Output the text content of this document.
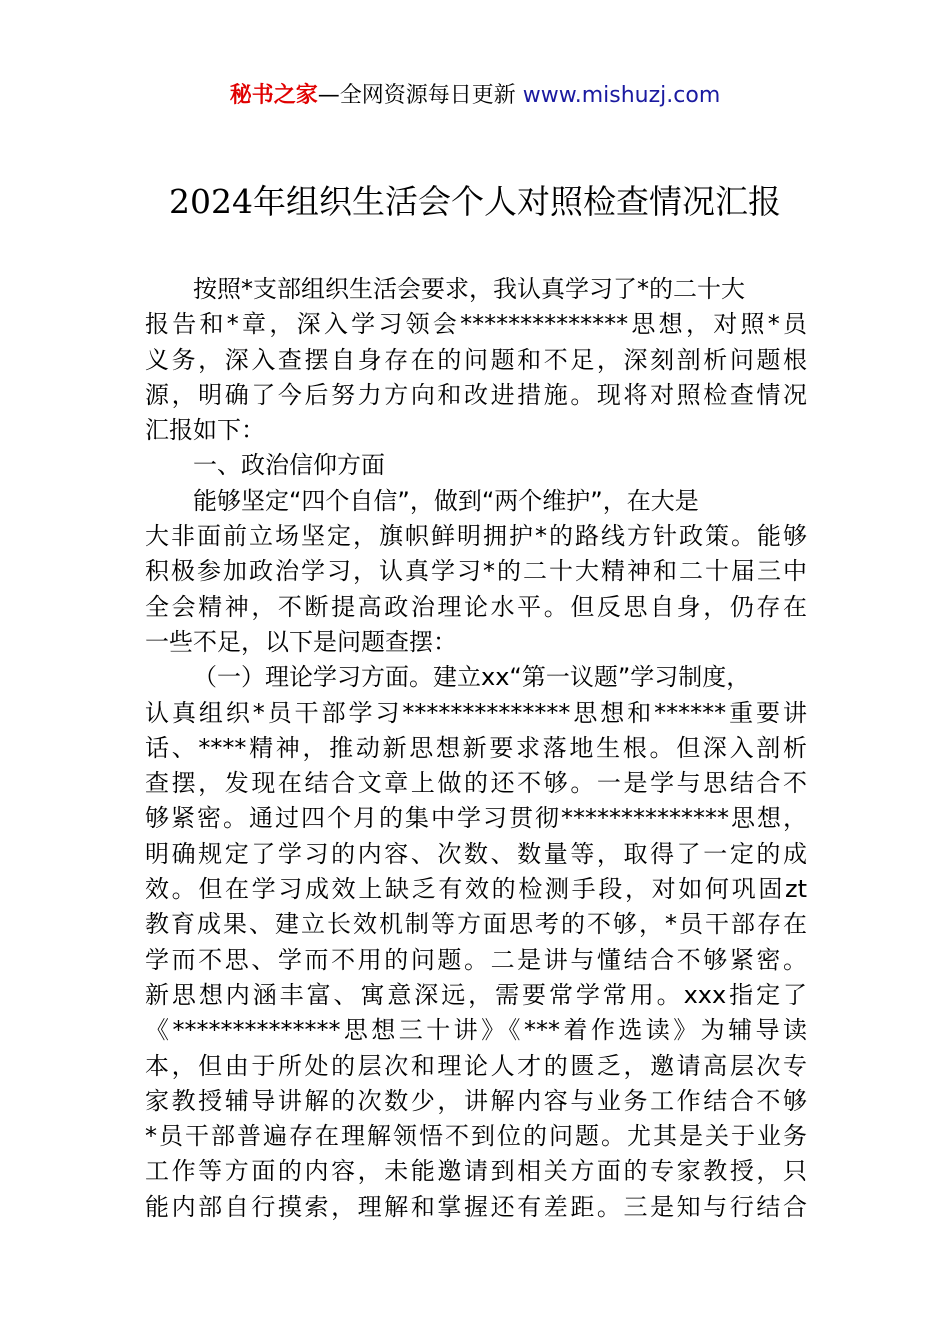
秘书之家—全网资源每日更新 www.mishuzj.com
2024年组织生活会个人对照检查情况汇报
按照*支部组织生活会要求，我认真学习了*的二十大
报告和*章，深入学习领会**************思想，对照*员
义务，深入查摆自身存在的问题和不足，深刻剖析问题根
源，明确了今后努力方向和改进措施。现将对照检查情况
汇报如下：
一、政治信仰方面
能够坚定“四个自信”，做到“两个维护”，在大是
大非面前立场坚定，旗帜鲜明拥护*的路线方针政策。能够
积极参加政治学习，认真学习*的二十大精神和二十届三中
全会精神，不断提高政治理论水平。但反思自身，仍存在
一些不足，以下是问题查摆：
（一）理论学习方面。建立xx“第一议题”学习制度，
认真组织*员干部学习**************思想和******重要讲
话、****精神，推动新思想新要求落地生根。但深入剖析
查摆，发现在结合文章上做的还不够。一是学与思结合不
够紧密。通过四个月的集中学习贯彻**************思想，
明确规定了学习的内容、次数、数量等，取得了一定的成
效。但在学习成效上缺乏有效的检测手段，对如何巩固zt
教育成果、建立长效机制等方面思考的不够，*员干部存在
学而不思、学而不用的问题。二是讲与懂结合不够紧密。
新思想内涵丰富、寓意深远，需要常学常用。xxx指定了
《**************思想三十讲》《***着作选读》为辅导读
本，但由于所处的层次和理论人才的匮乏，邀请高层次专
家教授辅导讲解的次数少，讲解内容与业务工作结合不够
*员干部普遍存在理解领悟不到位的问题。尤其是关于业务
工作等方面的内容，未能邀请到相关方面的专家教授，只
能内部自行摸索，理解和掌握还有差距。三是知与行结合
